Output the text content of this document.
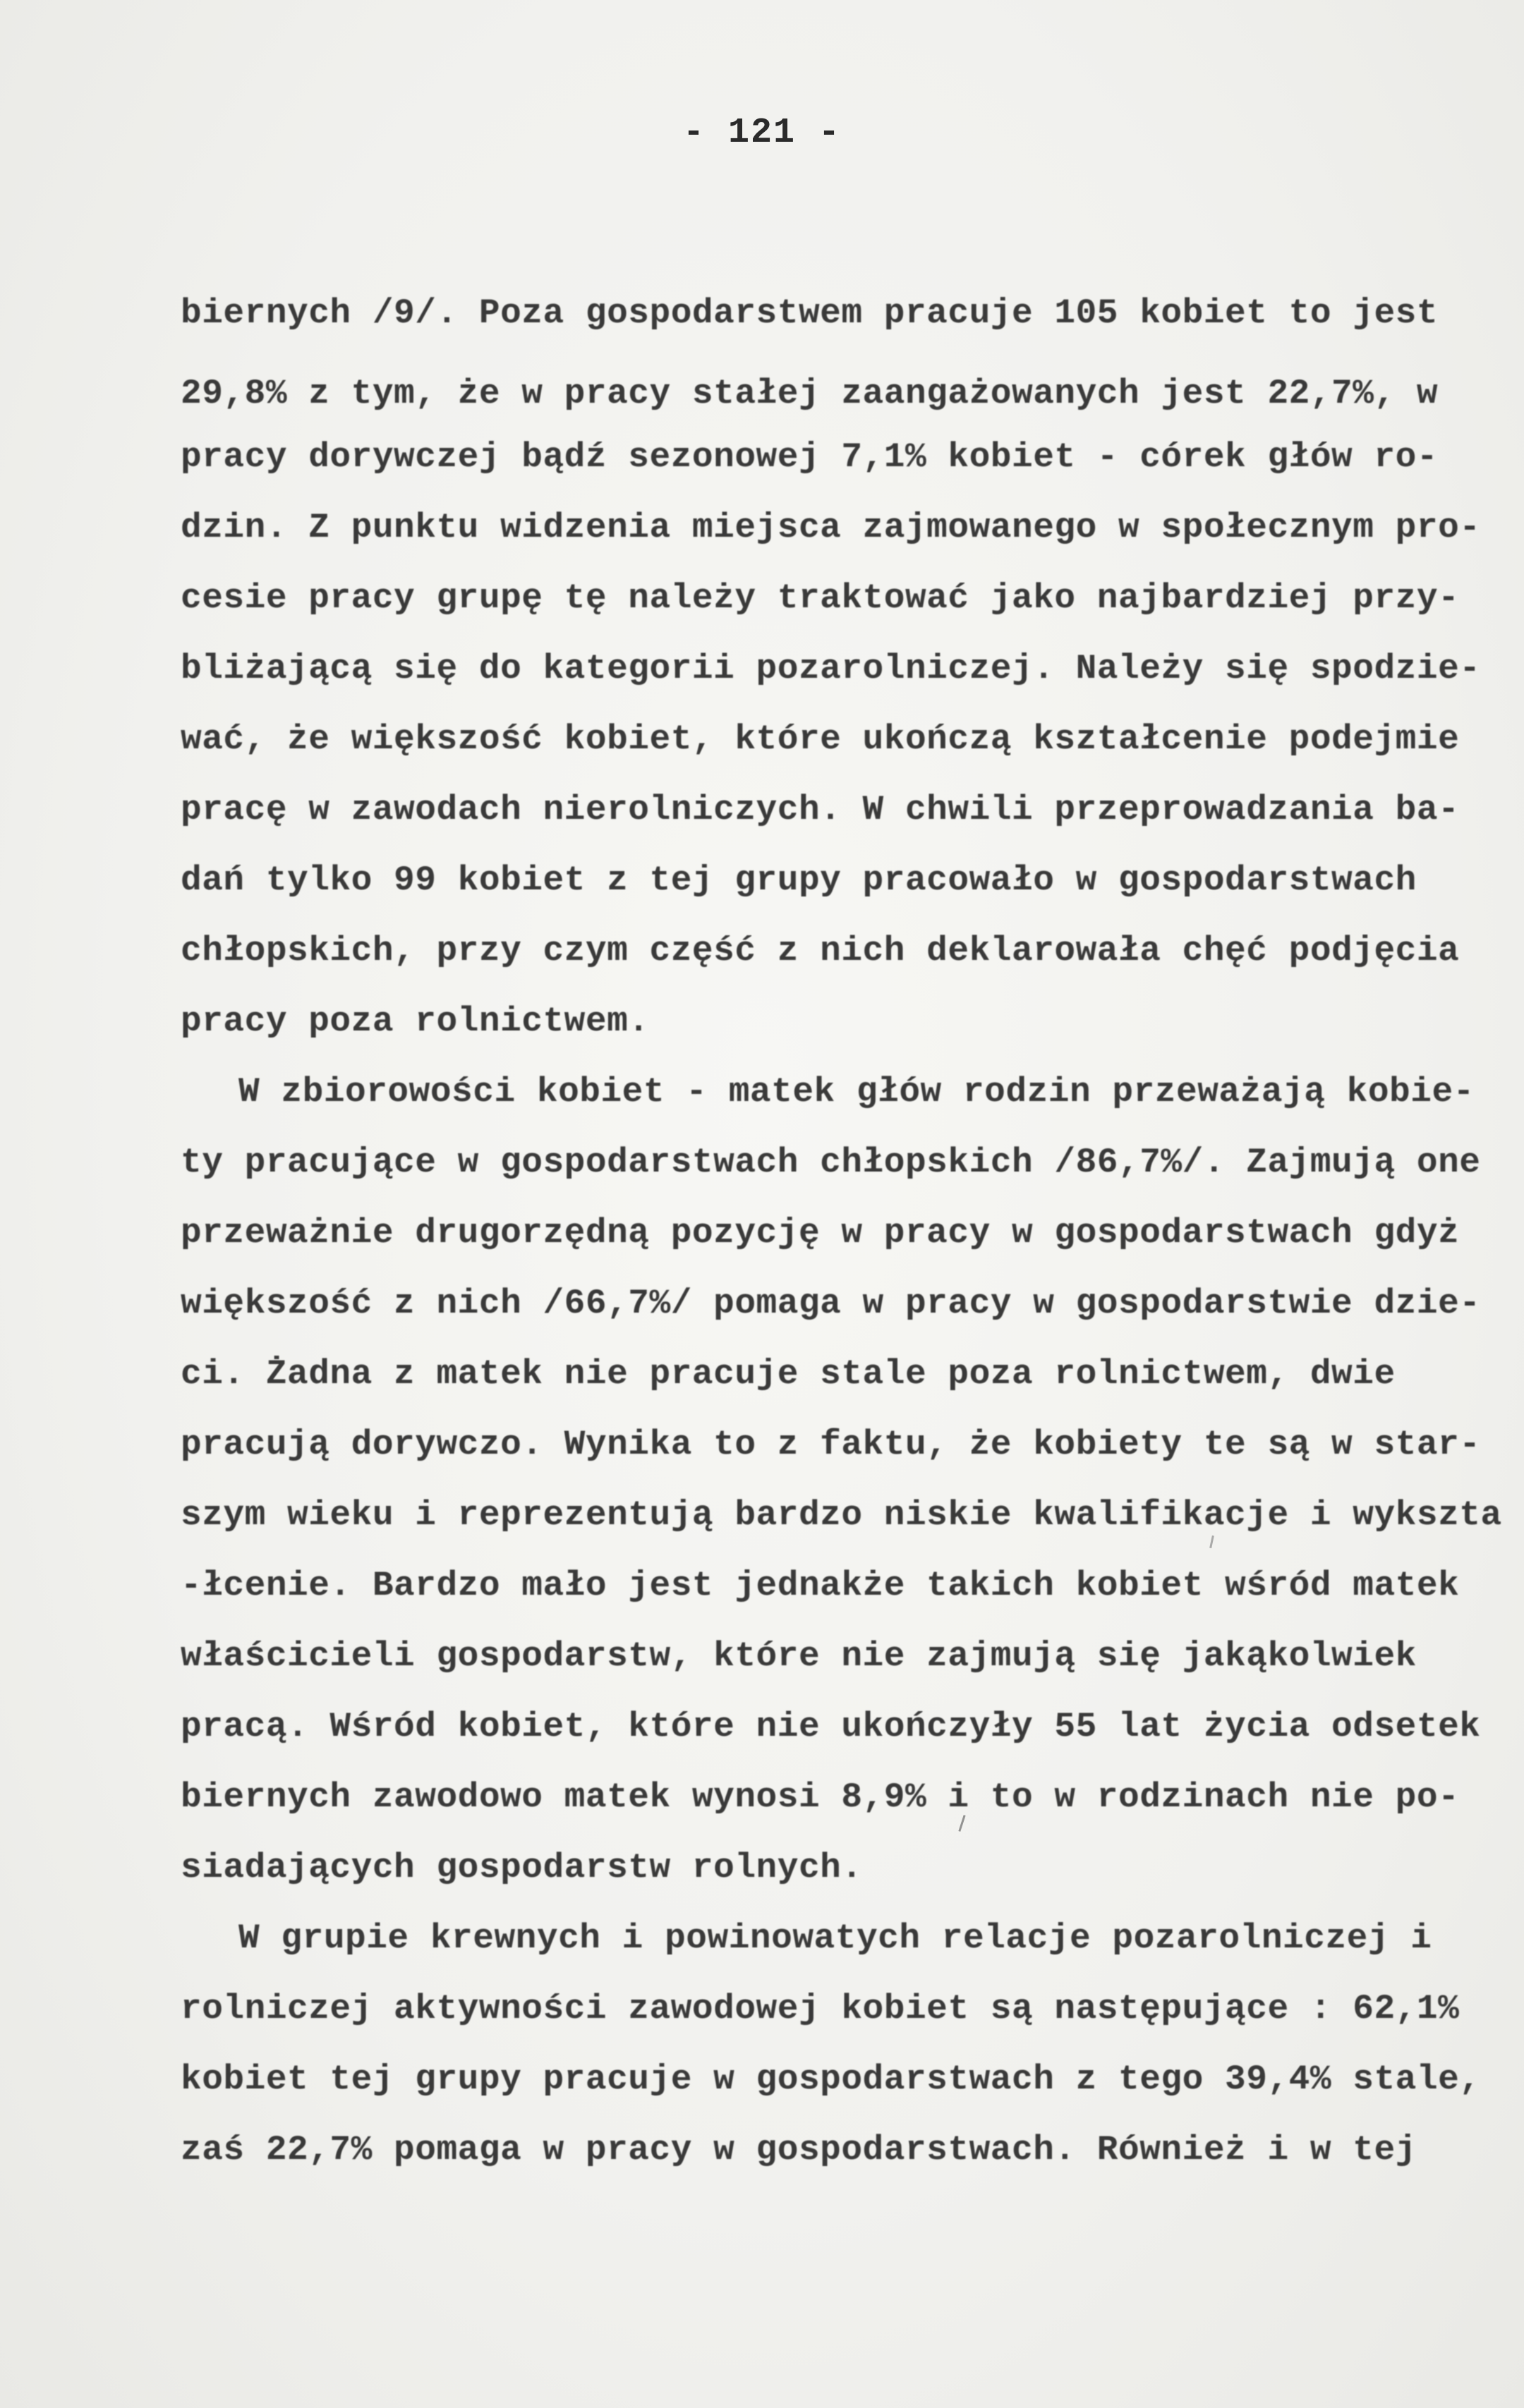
- 121 -
biernych /9/. Poza gospodarstwem pracuje 105 kobiet to jest
29,8% z tym, że w pracy stałej zaangażowanych jest 22,7%, w
pracy dorywczej bądź sezonowej 7,1% kobiet - córek głów ro-
dzin. Z punktu widzenia miejsca zajmowanego w społecznym pro-
cesie pracy grupę tę należy traktować jako najbardziej przy-
bliżającą się do kategorii pozarolniczej. Należy się spodzie-
wać, że większość kobiet, które ukończą kształcenie podejmie
pracę w zawodach nierolniczych. W chwili przeprowadzania ba-
dań tylko 99 kobiet z tej grupy pracowało w gospodarstwach
chłopskich, przy czym część z nich deklarowała chęć podjęcia
pracy poza rolnictwem.
W zbiorowości kobiet - matek głów rodzin przeważają kobie-
ty pracujące w gospodarstwach chłopskich /86,7%/. Zajmują one
przeważnie drugorzędną pozycję w pracy w gospodarstwach gdyż
większość z nich /66,7%/ pomaga w pracy w gospodarstwie dzie-
ci. Żadna z matek nie pracuje stale poza rolnictwem, dwie
pracują dorywczo. Wynika to z faktu, że kobiety te są w star-
szym wieku i reprezentują bardzo niskie kwalifikacje i wykszta
-łcenie. Bardzo mało jest jednakże takich kobiet wśród matek
właścicieli gospodarstw, które nie zajmują się jakąkolwiek
pracą. Wśród kobiet, które nie ukończyły 55 lat życia odsetek
biernych zawodowo matek wynosi 8,9% i to w rodzinach nie po-
siadających gospodarstw rolnych.
W grupie krewnych i powinowatych relacje pozarolniczej i
rolniczej aktywności zawodowej kobiet są następujące : 62,1%
kobiet tej grupy pracuje w gospodarstwach z tego 39,4% stale,
zaś 22,7% pomaga w pracy w gospodarstwach. Również i w tej
